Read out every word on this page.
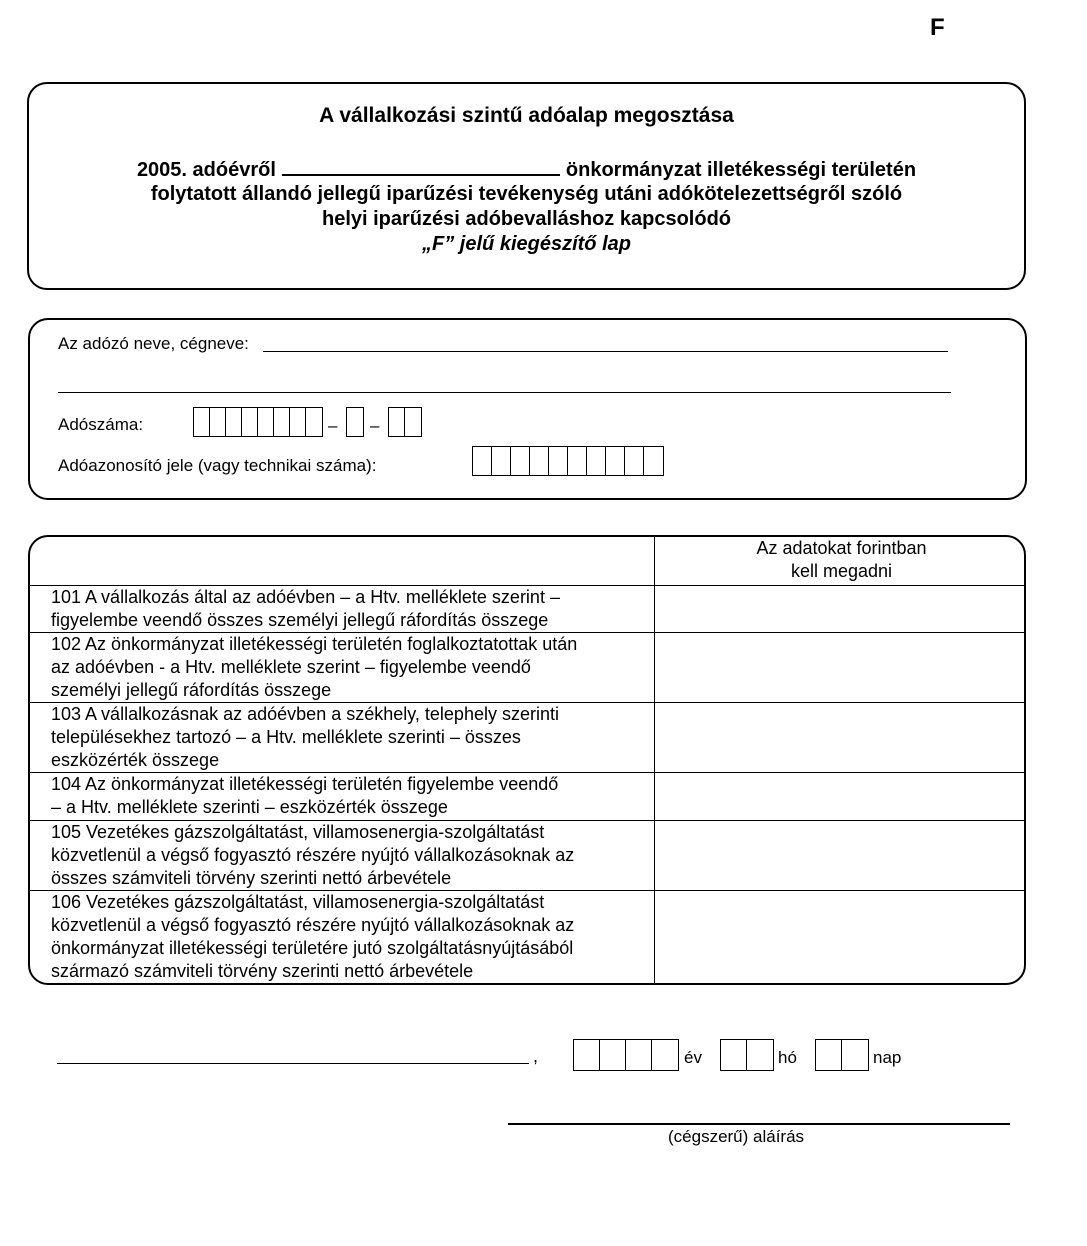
F
A vállalkozási szintű adóalap megosztása
2005. adóévről	önkormányzat illetékességi területén
folytatott állandó jellegű iparűzési tevékenység utáni adókötelezettségről szóló
helyi iparűzési adóbevalláshoz kapcsolódó
„F” jelű kiegészítő lap
Az adózó neve, cégneve:
Adószáma:	– –
Adóazonosító jele (vagy technikai száma):

	Az adatokat forintban
kell megadni

101 A vállalkozás által az adóévben – a Htv. melléklete szerint –
figyelembe veendő összes személyi jellegű ráfordítás összege	

102 Az önkormányzat illetékességi területén foglalkoztatottak után
az adóévben - a Htv. melléklete szerint – figyelembe veendő
személyi jellegű ráfordítás összege	

103 A vállalkozásnak az adóévben a székhely, telephely szerinti
településekhez tartozó – a Htv. melléklete szerinti – összes
eszközérték összege	

104 Az önkormányzat illetékességi területén figyelembe veendő
– a Htv. melléklete szerinti – eszközérték összege	

105 Vezetékes gázszolgáltatást, villamosenergia-szolgáltatást
közvetlenül a végső fogyasztó részére nyújtó vállalkozásoknak az
összes számviteli törvény szerinti nettó árbevétele	

106 Vezetékes gázszolgáltatást, villamosenergia-szolgáltatást
közvetlenül a végső fogyasztó részére nyújtó vállalkozásoknak az
önkormányzat illetékességi területére jutó szolgáltatásnyújtásából
származó számviteli törvény szerinti nettó árbevétele	

,	év	hó	nap
(cégszerű) aláírás
